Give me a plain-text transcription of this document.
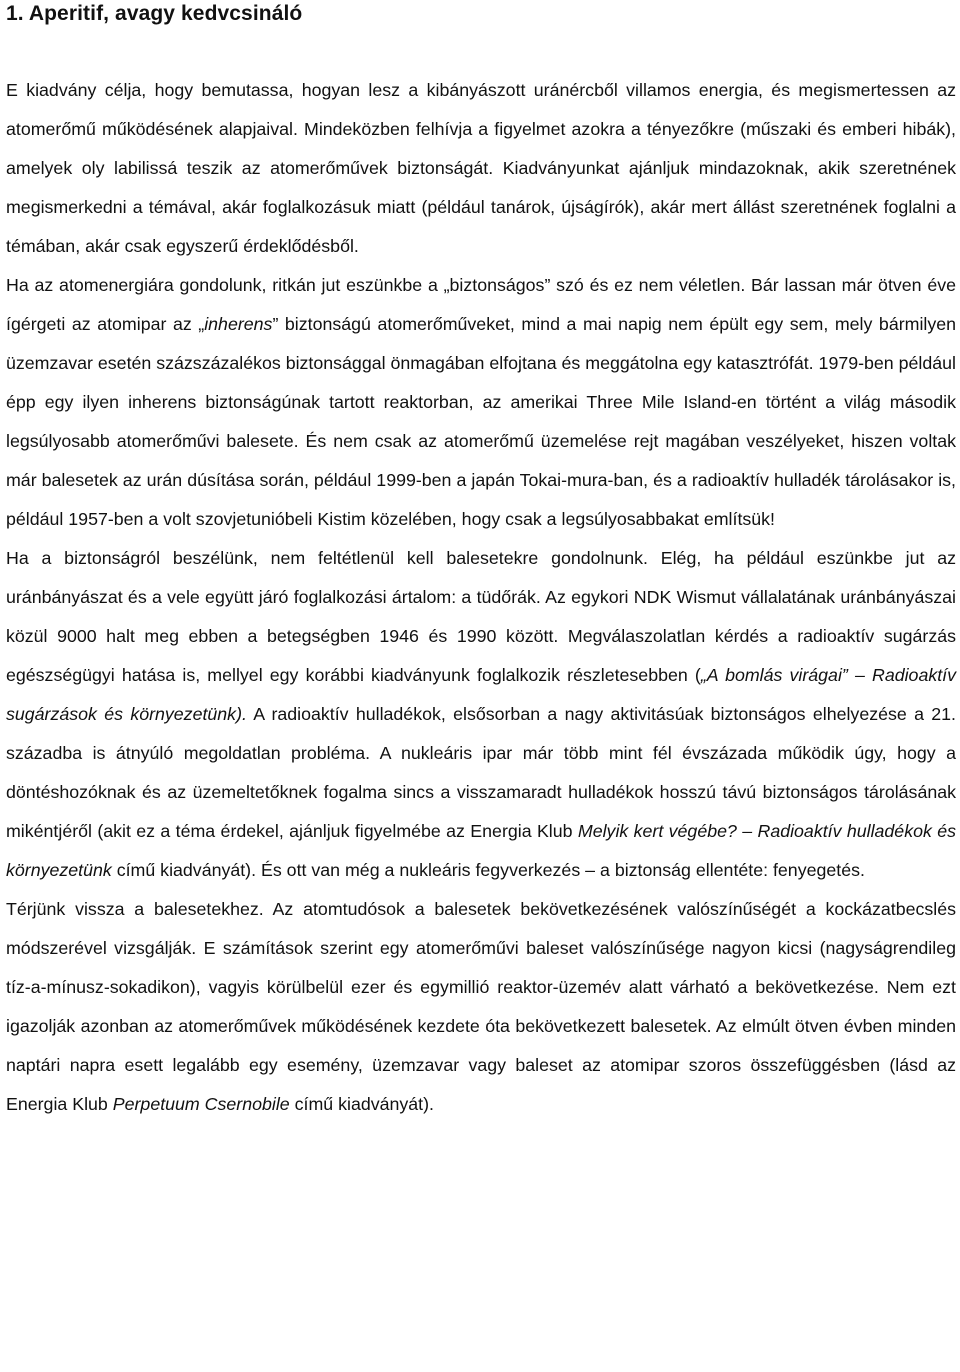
1. Aperitif, avagy kedvcsináló

E kiadvány célja, hogy bemutassa, hogyan lesz a kibányászott uránércből villamos energia, és megismertessen az atomerőmű működésének alapjaival. Mindeközben felhívja a figyelmet azokra a tényezőkre (műszaki és emberi hibák), amelyek oly labilissá teszik az atomerőművek biztonságát. Kiadványunkat ajánljuk mindazoknak, akik szeretnének megismerkedni a témával, akár foglalkozásuk miatt (például tanárok, újságírók), akár mert állást szeretnének foglalni a témában, akár csak egyszerű érdeklődésből.

Ha az atomenergiára gondolunk, ritkán jut eszünkbe a „biztonságos” szó és ez nem véletlen. Bár lassan már ötven éve ígérgeti az atomipar az „inherens” biztonságú atomerőműveket, mind a mai napig nem épült egy sem, mely bármilyen üzemzavar esetén százszázalékos biztonsággal önmagában elfojtana és meggátolna egy katasztrófát. 1979-ben például épp egy ilyen inherens biztonságúnak tartott reaktorban, az amerikai Three Mile Island-en történt a világ második legsúlyosabb atomerőművi balesete. És nem csak az atomerőmű üzemelése rejt magában veszélyeket, hiszen voltak már balesetek az urán dúsítása során, például 1999-ben a japán Tokai-mura-ban, és a radioaktív hulladék tárolásakor is, például 1957-ben a volt szovjetunióbeli Kistim közelében, hogy csak a legsúlyosabbakat említsük!

Ha a biztonságról beszélünk, nem feltétlenül kell balesetekre gondolnunk. Elég, ha például eszünkbe jut az uránbányászat és a vele együtt járó foglalkozási ártalom: a tüdőrák. Az egykori NDK Wismut vállalatának uránbányászai közül 9000 halt meg ebben a betegségben 1946 és 1990 között. Megválaszolatlan kérdés a radioaktív sugárzás egészségügyi hatása is, mellyel egy korábbi kiadványunk foglalkozik részletesebben („A bomlás virágai” – Radioaktív sugárzások és környezetünk). A radioaktív hulladékok, elsősorban a nagy aktivitásúak biztonságos elhelyezése a 21. századba is átnyúló megoldatlan probléma. A nukleáris ipar már több mint fél évszázada működik úgy, hogy a döntéshozóknak és az üzemeltetőknek fogalma sincs a visszamaradt hulladékok hosszú távú biztonságos tárolásának mikéntjéről (akit ez a téma érdekel, ajánljuk figyelmébe az Energia Klub Melyik kert végébe? – Radioaktív hulladékok és környezetünk című kiadványát). És ott van még a nukleáris fegyverkezés – a biztonság ellentéte: fenyegetés.

Térjünk vissza a balesetekhez. Az atomtudósok a balesetek bekövetkezésének valószínűségét a kockázatbecslés módszerével vizsgálják. E számítások szerint egy atomerőművi baleset valószínűsége nagyon kicsi (nagyságrendileg tíz-a-mínusz-sokadikon), vagyis körülbelül ezer és egymillió reaktor-üzemév alatt várható a bekövetkezése. Nem ezt igazolják azonban az atomerőművek működésének kezdete óta bekövetkezett balesetek. Az elmúlt ötven évben minden naptári napra esett legalább egy esemény, üzemzavar vagy baleset az atomipar szoros összefüggésben (lásd az Energia Klub Perpetuum Csernobile című kiadványát).
